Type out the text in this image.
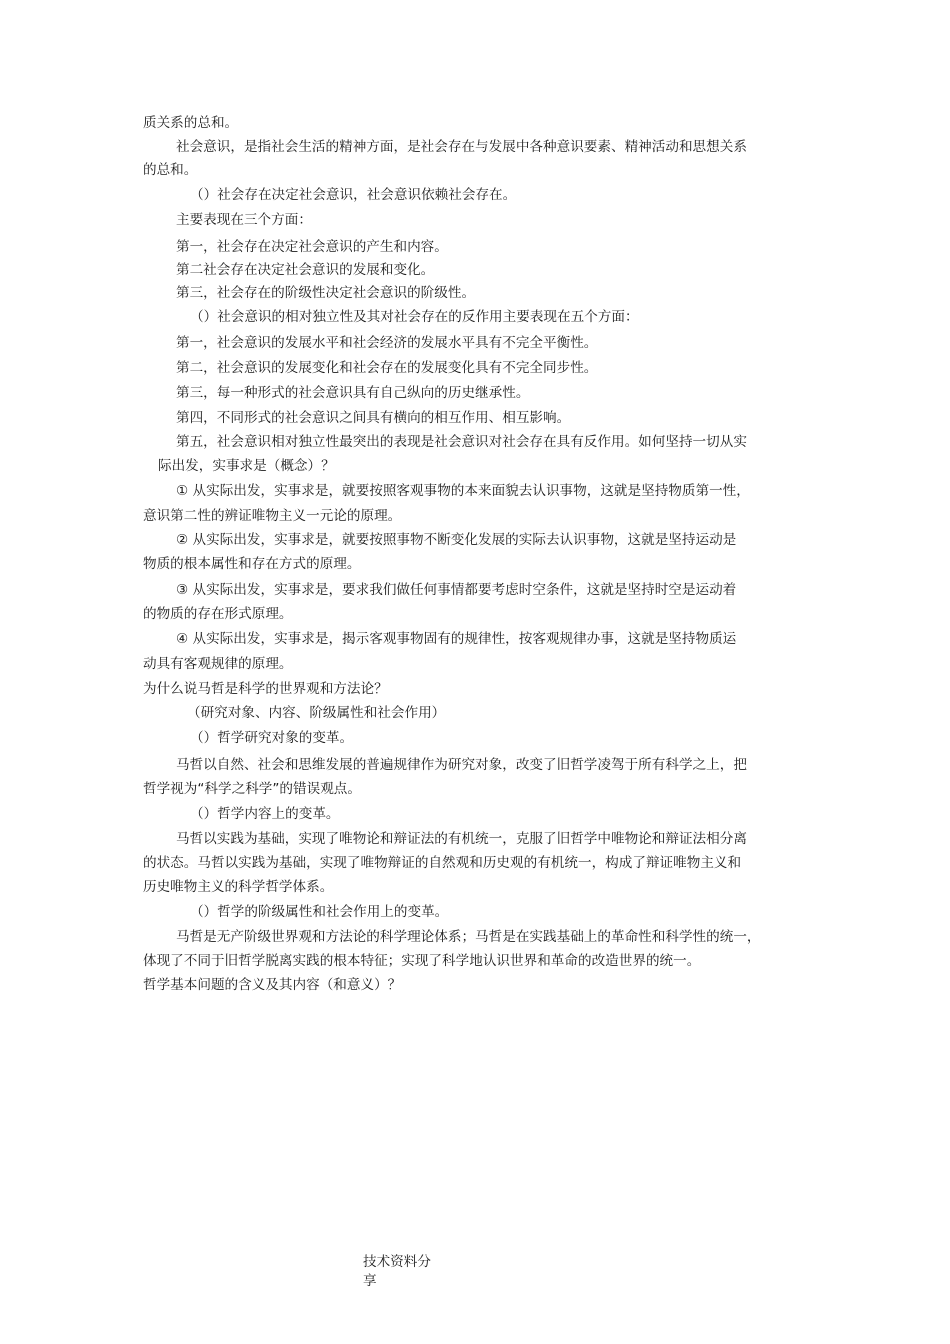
质关系的总和。
社会意识，是指社会生活的精神方面，是社会存在与发展中各种意识要素、精神活动和思想关系
的总和。
（）社会存在决定社会意识，社会意识依赖社会存在。
主要表现在三个方面：
第一，社会存在决定社会意识的产生和内容。
第二社会存在决定社会意识的发展和变化。
第三，社会存在的阶级性决定社会意识的阶级性。
（）社会意识的相对独立性及其对社会存在的反作用主要表现在五个方面：
第一，社会意识的发展水平和社会经济的发展水平具有不完全平衡性。
第二，社会意识的发展变化和社会存在的发展变化具有不完全同步性。
第三，每一种形式的社会意识具有自己纵向的历史继承性。
第四，不同形式的社会意识之间具有横向的相互作用、相互影响。
第五，社会意识相对独立性最突出的表现是社会意识对社会存在具有反作用。如何坚持一切从实
际出发，实事求是（概念）？
① 从实际出发，实事求是，就要按照客观事物的本来面貌去认识事物，这就是坚持物质第一性，
意识第二性的辨证唯物主义一元论的原理。
② 从实际出发，实事求是，就要按照事物不断变化发展的实际去认识事物，这就是坚持运动是
物质的根本属性和存在方式的原理。
③ 从实际出发，实事求是，要求我们做任何事情都要考虑时空条件，这就是坚持时空是运动着
的物质的存在形式原理。
④ 从实际出发，实事求是，揭示客观事物固有的规律性，按客观规律办事，这就是坚持物质运
动具有客观规律的原理。
为什么说马哲是科学的世界观和方法论？
（研究对象、内容、阶级属性和社会作用）
（）哲学研究对象的变革。
马哲以自然、社会和思维发展的普遍规律作为研究对象，改变了旧哲学凌驾于所有科学之上，把
哲学视为“科学之科学”的错误观点。
（）哲学内容上的变革。
马哲以实践为基础，实现了唯物论和辩证法的有机统一，克服了旧哲学中唯物论和辩证法相分离
的状态。马哲以实践为基础，实现了唯物辩证的自然观和历史观的有机统一，构成了辩证唯物主义和
历史唯物主义的科学哲学体系。
（）哲学的阶级属性和社会作用上的变革。
马哲是无产阶级世界观和方法论的科学理论体系；马哲是在实践基础上的革命性和科学性的统一，
体现了不同于旧哲学脱离实践的根本特征；实现了科学地认识世界和革命的改造世界的统一。
哲学基本问题的含义及其内容（和意义）？
技术资料分
享
